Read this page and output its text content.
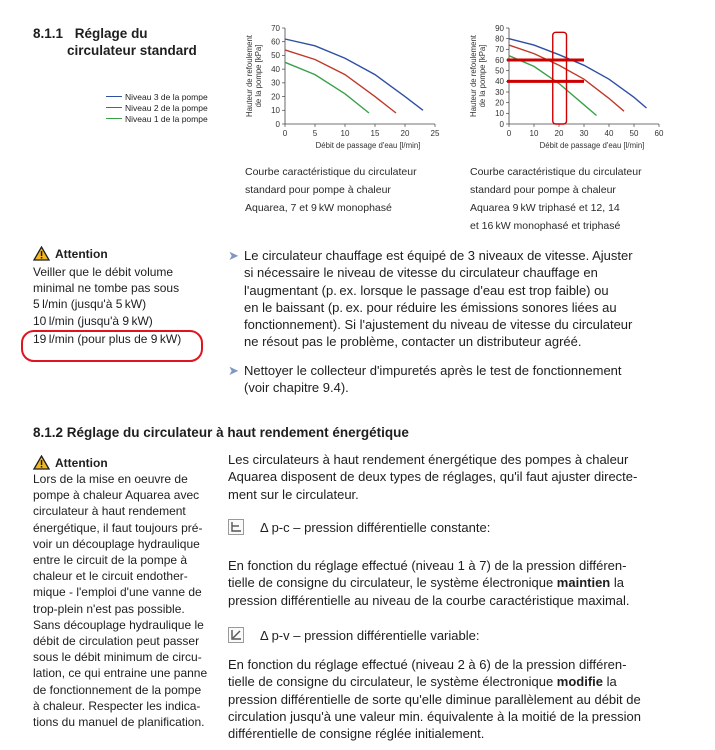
8.1.1 Réglage du
circulateur standard
Niveau 3 de la pompe
Niveau 2 de la pompe
Niveau 1 de la pompe
0
10
20
30
40
50
60
70
0	5	10	15	20	25
Débit de passage d'eau [l/min]
Hauteur de refoulementde la pompe [kPa]
0
10
20
30
40
50
60
70
80
90
0 10 20 30 40 50 60
Débit de passage d'eau [l/min]
Hauteur de refoulementde la pompe [kPa]
Courbe caractéristique du circulateur
standard pour pompe à chaleur
Aquarea, 7 et 9 kW monophasé
Courbe caractéristique du circulateur
standard pour pompe à chaleur
Aquarea 9 kW triphasé et 12, 14
et 16 kW monophasé et triphasé
Attention
Veiller que le débit volume
minimal ne tombe pas sous
5 l/min (jusqu'à 5 kW)
10 l/min (jusqu'à 9 kW)
19 l/min (pour plus de 9 kW)
➤ Le circulateur chauffage est équipé de 3 niveaux de vitesse. Ajuster
si nécessaire le niveau de vitesse du circulateur chauffage en
l'augmentant (p. ex. lorsque le passage d'eau est trop faible) ou
en le baissant (p. ex. pour réduire les émissions sonores liées au
fonctionnement). Si l'ajustement du niveau de vitesse du circulateur
ne résout pas le problème, contacter un distributeur agréé.
➤ Nettoyer le collecteur d'impuretés après le test de fonctionnement
(voir chapitre 9.4).
8.1.2 Réglage du circulateur à haut rendement énergétique
Attention
Lors de la mise en oeuvre de
pompe à chaleur Aquarea avec
circulateur à haut rendement
énergétique, il faut toujours pré-
voir un découplage hydraulique
entre le circuit de la pompe à
chaleur et le circuit endother-
mique - l'emploi d'une vanne de
trop-plein n'est pas possible.
Sans découplage hydraulique le
débit de circulation peut passer
sous le débit minimum de circu-
lation, ce qui entraine une panne
de fonctionnement de la pompe
à chaleur. Respecter les indica-
tions du manuel de planification.
Les circulateurs à haut rendement énergétique des pompes à chaleur
Aquarea disposent de deux types de réglages, qu'il faut ajuster directe-
ment sur le circulateur.
Δ p-c – pression différentielle constante:
En fonction du réglage effectué (niveau 1 à 7) de la pression différen-
tielle de consigne du circulateur, le système électronique maintien la
pression différentielle au niveau de la courbe caractéristique maximal.
Δ p-v – pression différentielle variable:
En fonction du réglage effectué (niveau 2 à 6) de la pression différen-
tielle de consigne du circulateur, le système électronique modifie la
pression différentielle de sorte qu'elle diminue parallèlement au débit de
circulation jusqu'à une valeur min. équivalente à la moitié de la pression
différentielle de consigne réglée initialement.
